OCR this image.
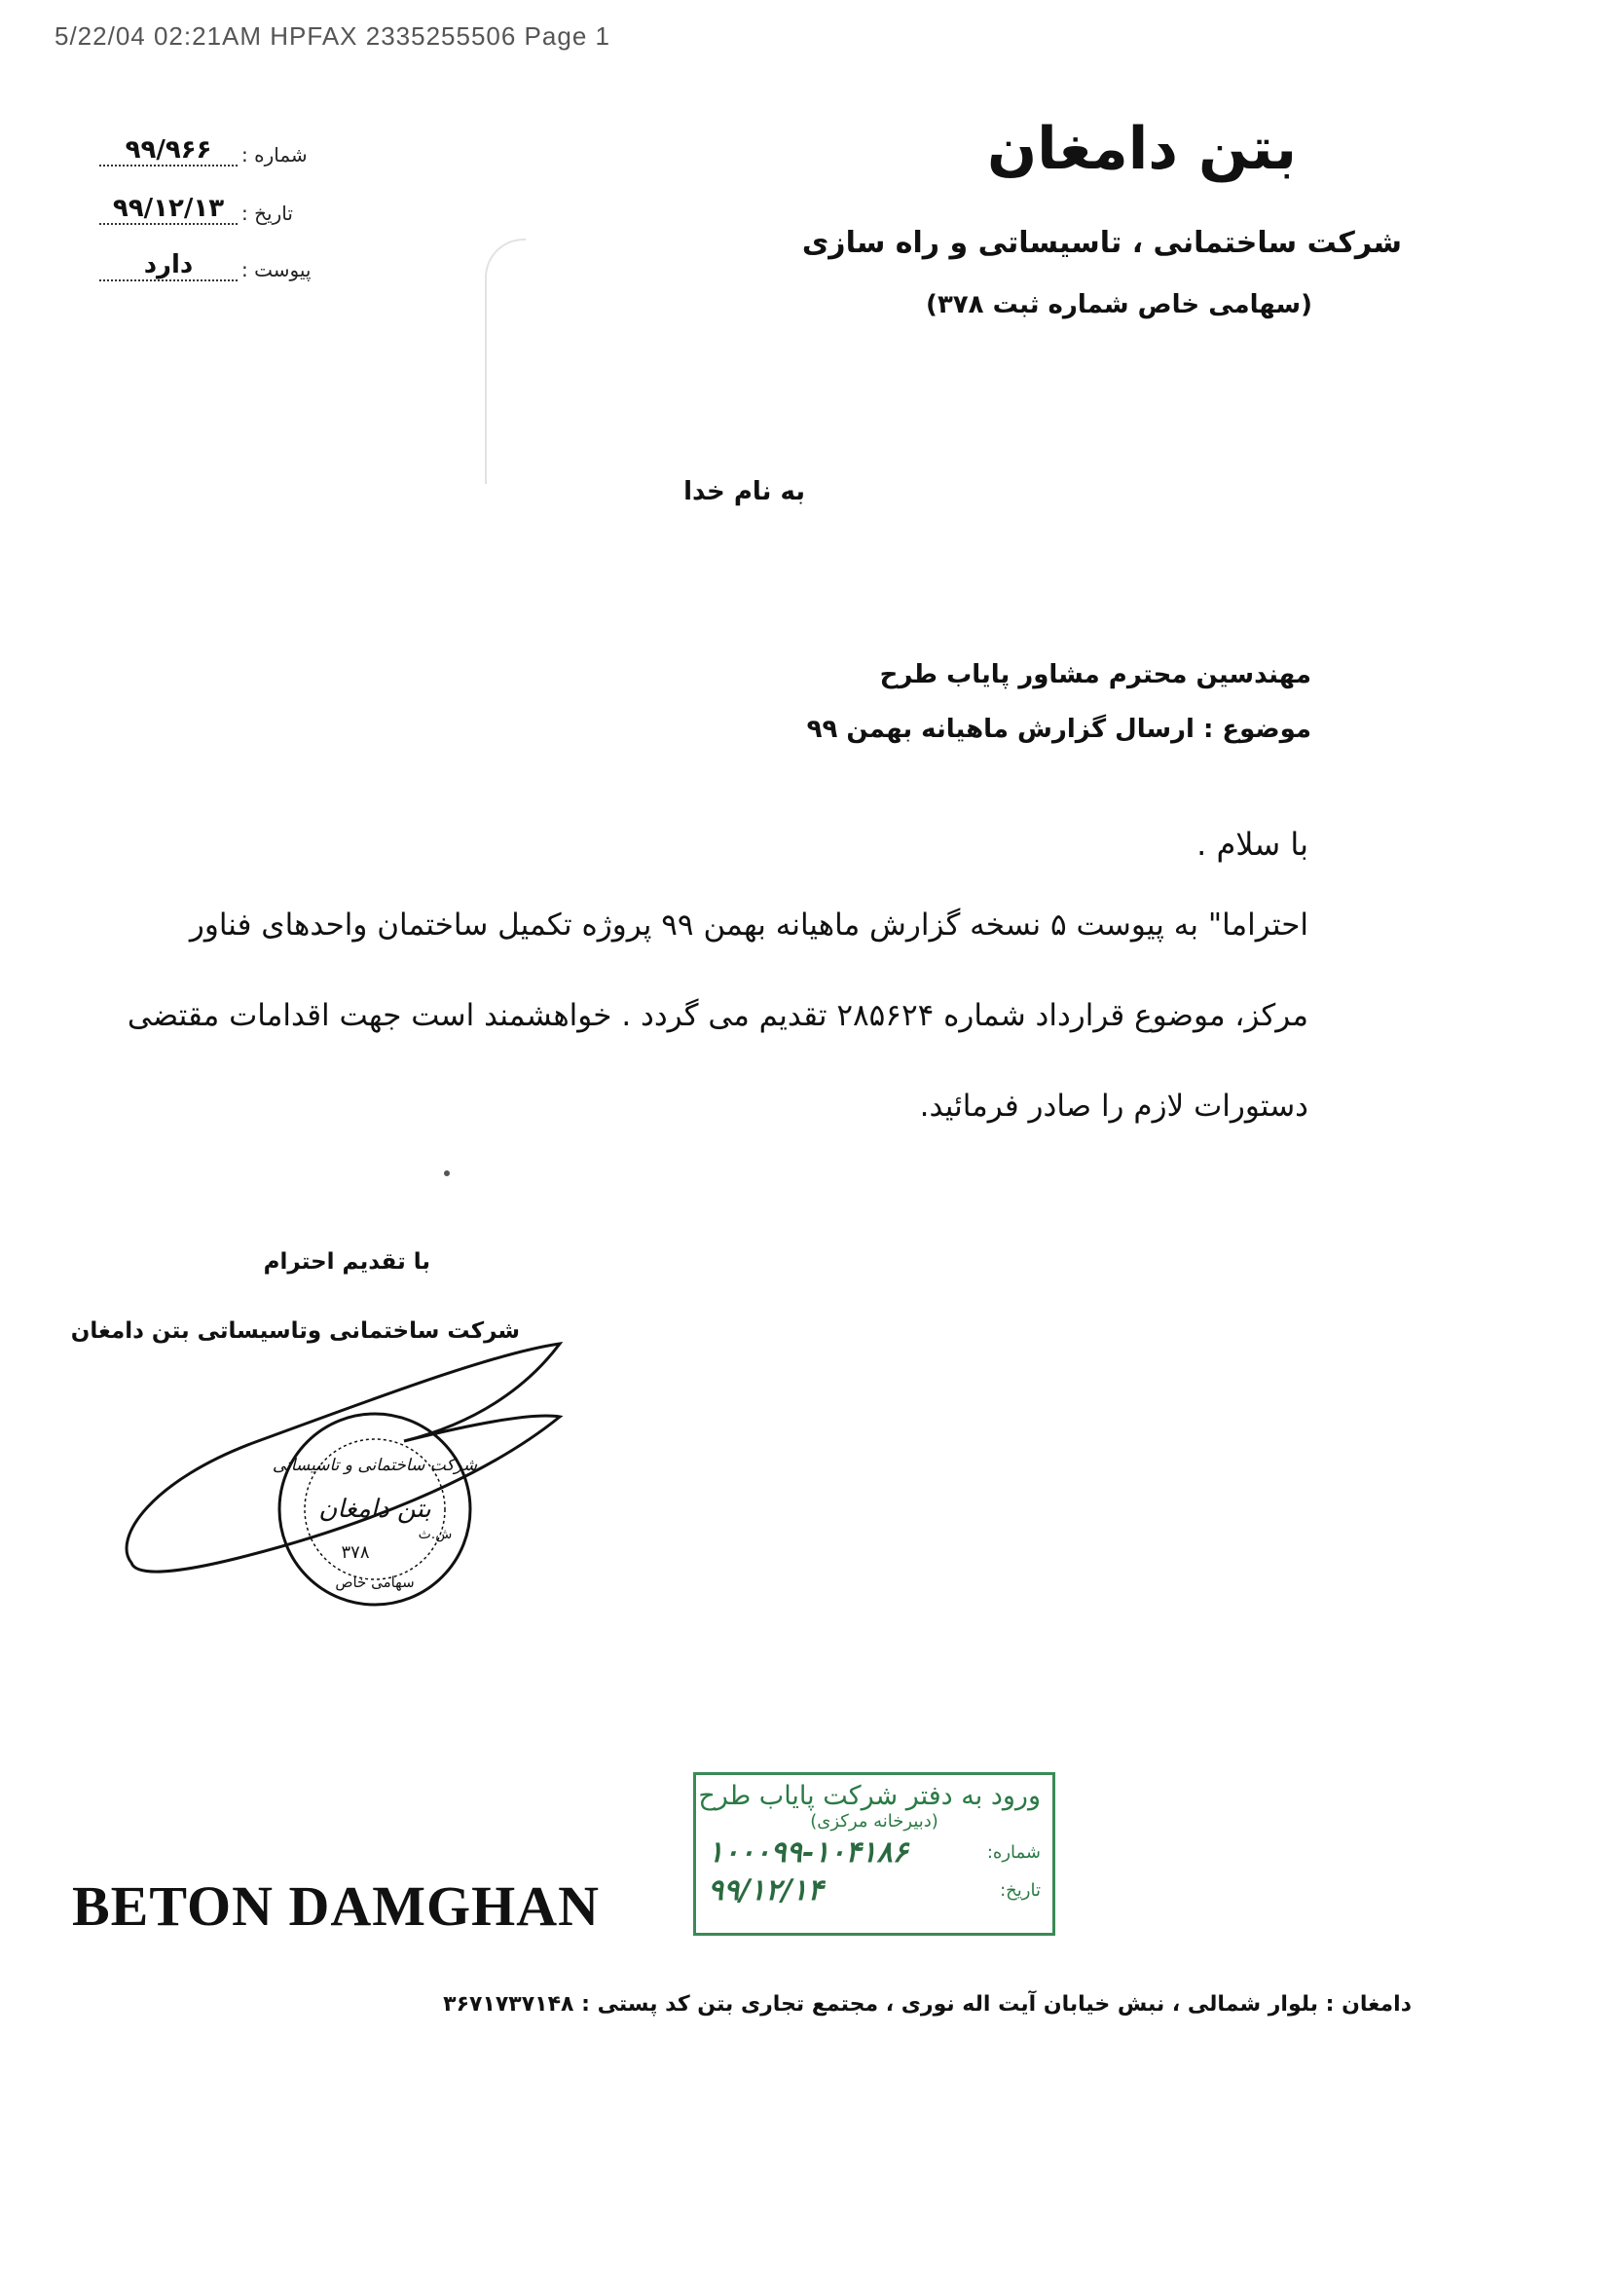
5/22/04 02:21AM HPFAX 2335255506 Page 1
بتن دامغان
شرکت ساختمانی ، تاسیساتی و راه سازی
(سهامی خاص شماره ثبت ۳۷۸)
شماره :
۹۹/۹۶۶
تاریخ :
۹۹/۱۲/۱۳
پیوست :
دارد
به نام خدا
مهندسین محترم مشاور پایاب طرح
موضوع : ارسال گزارش ماهیانه بهمن ۹۹
با سلام .
احتراما" به پیوست ۵ نسخه گزارش ماهیانه بهمن ۹۹ پروژه تکمیل ساختمان واحدهای فناور
مرکز، موضوع قرارداد شماره ۲۸۵۶۲۴ تقدیم می گردد . خواهشمند است جهت اقدامات مقتضی
دستورات لازم را صادر فرمائید.
با تقدیم احترام
شرکت ساختمانی وتاسیساتی بتن دامغان
شرکت ساختمانی و تاسیساتی
بتن دامغان
ش.ث
۳۷۸
سهامی خاص
ورود به دفتر شرکت پایاب طرح
(دبیرخانه مرکزی)
شماره:
۱۰۰۰۹۹-۱۰۴۱۸۶
تاریخ:
۹۹/۱۲/۱۴
BETON DAMGHAN
دامغان : بلوار شمالی ، نبش خیابان آیت اله نوری ، مجتمع تجاری بتن کد پستی : ۳۶۷۱۷۳۷۱۴۸
